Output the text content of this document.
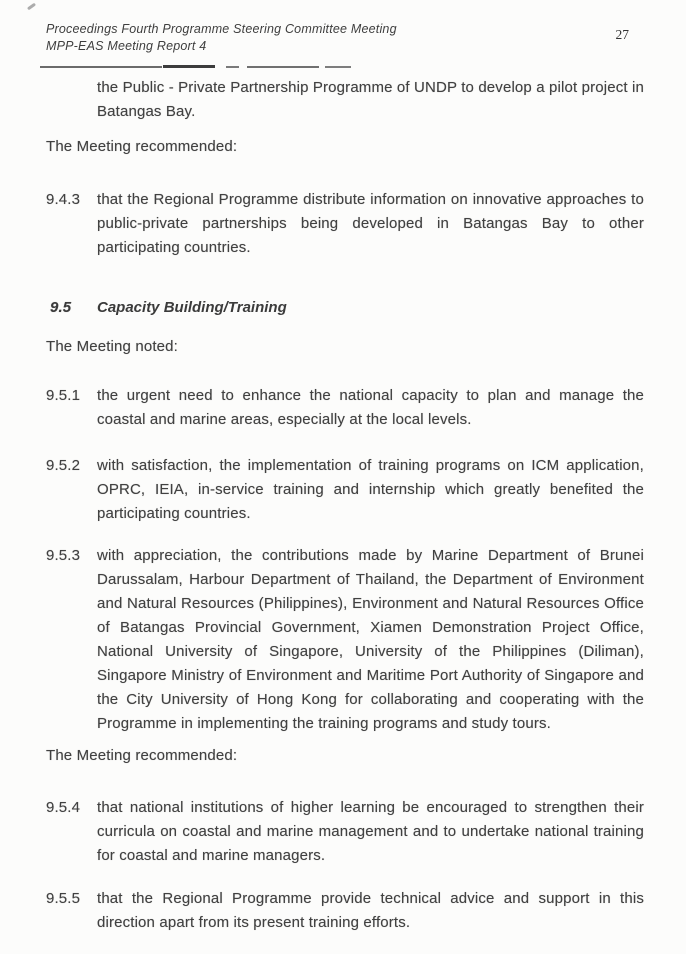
Proceedings Fourth Programme Steering Committee Meeting
MPP-EAS Meeting Report 4
27

the Public - Private Partnership Programme of UNDP to develop a pilot project in Batangas Bay.

The Meeting recommended:

9.4.3	that the Regional Programme distribute information on innovative approaches to public-private partnerships being developed in Batangas Bay to other participating countries.

9.5	Capacity Building/Training

The Meeting noted:

9.5.1	the urgent need to enhance the national capacity to plan and manage the coastal and marine areas, especially at the local levels.

9.5.2	with satisfaction, the implementation of training programs on ICM application, OPRC, IEIA, in-service training and internship which greatly benefited the participating countries.

9.5.3	with appreciation, the contributions made by Marine Department of Brunei Darussalam, Harbour Department of Thailand, the Department of Environment and Natural Resources (Philippines), Environment and Natural Resources Office of Batangas Provincial Government, Xiamen Demonstration Project Office, National University of Singapore, University of the Philippines (Diliman), Singapore Ministry of Environment and Maritime Port Authority of Singapore and the City University of Hong Kong for collaborating and cooperating with the Programme in implementing the training programs and study tours.

The Meeting recommended:

9.5.4	that national institutions of higher learning be encouraged to strengthen their curricula on coastal and marine management and to undertake national training for coastal and marine managers.

9.5.5	that the Regional Programme provide technical advice and support in this direction apart from its present training efforts.
